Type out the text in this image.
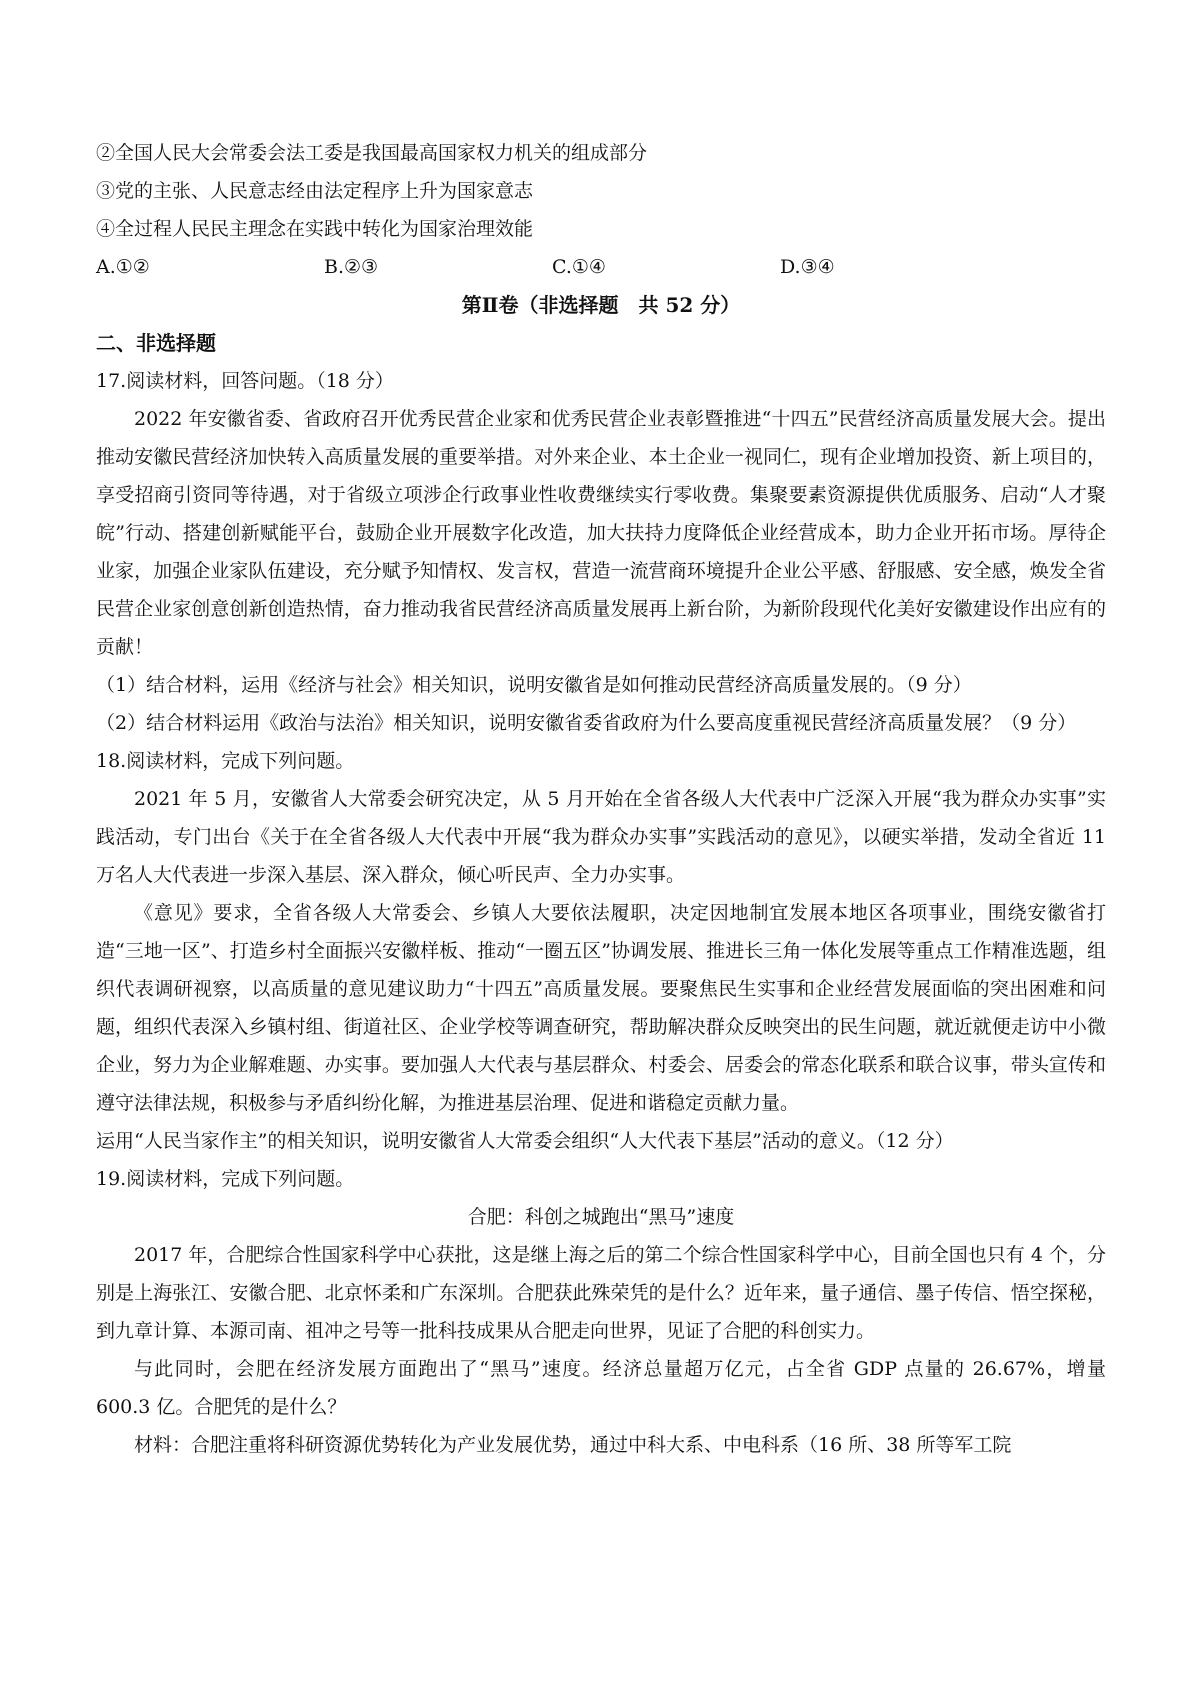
②全国人民大会常委会法工委是我国最高国家权力机关的组成部分
③党的主张、人民意志经由法定程序上升为国家意志
④全过程人民民主理念在实践中转化为国家治理效能
A.①②	B.②③	C.①④	D.③④

第Ⅱ卷（非选择题　共 52 分）

二、非选择题

17.阅读材料，回答问题。（18 分）

2022 年安徽省委、省政府召开优秀民营企业家和优秀民营企业表彰暨推进“十四五”民营经济高质量发展大会。提出推动安徽民营经济加快转入高质量发展的重要举措。对外来企业、本土企业一视同仁，现有企业增加投资、新上项目的，享受招商引资同等待遇，对于省级立项涉企行政事业性收费继续实行零收费。集聚要素资源提供优质服务、启动“人才聚皖”行动、搭建创新赋能平台，鼓励企业开展数字化改造，加大扶持力度降低企业经营成本，助力企业开拓市场。厚待企业家，加强企业家队伍建设，充分赋予知情权、发言权，营造一流营商环境提升企业公平感、舒服感、安全感，焕发全省民营企业家创意创新创造热情，奋力推动我省民营经济高质量发展再上新台阶，为新阶段现代化美好安徽建设作出应有的贡献！

（1）结合材料，运用《经济与社会》相关知识，说明安徽省是如何推动民营经济高质量发展的。（9 分）

（2）结合材料运用《政治与法治》相关知识，说明安徽省委省政府为什么要高度重视民营经济高质量发展？（9 分）

18.阅读材料，完成下列问题。

2021 年 5 月，安徽省人大常委会研究决定，从 5 月开始在全省各级人大代表中广泛深入开展“我为群众办实事”实践活动，专门出台《关于在全省各级人大代表中开展“我为群众办实事”实践活动的意见》，以硬实举措，发动全省近 11 万名人大代表进一步深入基层、深入群众，倾心听民声、全力办实事。

《意见》要求，全省各级人大常委会、乡镇人大要依法履职，决定因地制宜发展本地区各项事业，围绕安徽省打造“三地一区”、打造乡村全面振兴安徽样板、推动“一圈五区”协调发展、推进长三角一体化发展等重点工作精准选题，组织代表调研视察，以高质量的意见建议助力“十四五”高质量发展。要聚焦民生实事和企业经营发展面临的突出困难和问题，组织代表深入乡镇村组、街道社区、企业学校等调查研究，帮助解决群众反映突出的民生问题，就近就便走访中小微企业，努力为企业解难题、办实事。要加强人大代表与基层群众、村委会、居委会的常态化联系和联合议事，带头宣传和遵守法律法规，积极参与矛盾纠纷化解，为推进基层治理、促进和谐稳定贡献力量。

运用“人民当家作主”的相关知识，说明安徽省人大常委会组织“人大代表下基层”活动的意义。（12 分）

19.阅读材料，完成下列问题。

合肥：科创之城跑出“黑马”速度

2017 年，合肥综合性国家科学中心获批，这是继上海之后的第二个综合性国家科学中心，目前全国也只有 4 个，分别是上海张江、安徽合肥、北京怀柔和广东深圳。合肥获此殊荣凭的是什么？近年来，量子通信、墨子传信、悟空探秘，到九章计算、本源司南、祖冲之号等一批科技成果从合肥走向世界，见证了合肥的科创实力。

与此同时，会肥在经济发展方面跑出了“黑马”速度。经济总量超万亿元，占全省 GDP 点量的 26.67%，增量 600.3 亿。合肥凭的是什么？

材料：合肥注重将科研资源优势转化为产业发展优势，通过中科大系、中电科系（16 所、38 所等军工院
